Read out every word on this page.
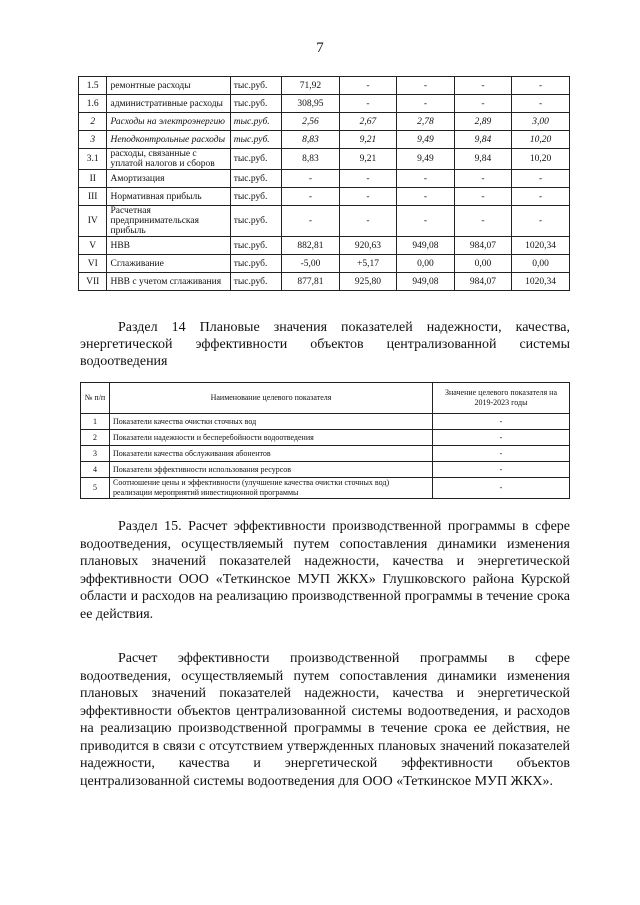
7
1.5	ремонтные расходы	тыс.руб.	71,92	-	-	-	-
1.6	административные расходы	тыс.руб.	308,95	-	-	-	-
2	Расходы на электроэнергию	тыс.руб.	2,56	2,67	2,78	2,89	3,00
3	Неподконтрольные расходы	тыс.руб.	8,83	9,21	9,49	9,84	10,20
3.1	расходы, связанные с уплатой налогов и сборов	тыс.руб.	8,83	9,21	9,49	9,84	10,20
II	Амортизация	тыс.руб.	-	-	-	-	-
III	Нормативная прибыль	тыс.руб.	-	-	-	-	-
IV	Расчетная предпринимательская прибыль	тыс.руб.	-	-	-	-	-
V	НВВ	тыс.руб.	882,81	920,63	949,08	984,07	1020,34
VI	Сглаживание	тыс.руб.	-5,00	+5,17	0,00	0,00	0,00
VII	НВВ с учетом сглаживания	тыс.руб.	877,81	925,80	949,08	984,07	1020,34
Раздел 14 Плановые значения показателей надежности, качества,
энергетической эффективности объектов централизованной системы
водоотведения
№ п/п	Наименование целевого показателя	Значение целевого показателя на 2019-2023 годы
1	Показатели качества очистки сточных вод	-
2	Показатели надежности и бесперебойности водоотведения	-
3	Показатели качества обслуживания абонентов	-
4	Показатели эффективности использования ресурсов	-
5	Соотношение цены и эффективности (улучшение качества очистки сточных вод) реализации мероприятий инвестиционной программы	-
Раздел 15. Расчет эффективности производственной программы в сфере водоотведения, осуществляемый путем сопоставления динамики изменения плановых значений показателей надежности, качества и энергетической эффективности ООО «Теткинское МУП ЖКХ» Глушковского района Курской области и расходов на реализацию производственной программы в течение срока ее действия.
Расчет эффективности производственной программы в сфере водоотведения, осуществляемый путем сопоставления динамики изменения плановых значений показателей надежности, качества и энергетической эффективности объектов централизованной системы водоотведения, и расходов на реализацию производственной программы в течение срока ее действия, не приводится в связи с отсутствием утвержденных плановых значений показателей надежности, качества и энергетической эффективности объектов централизованной системы водоотведения для ООО «Теткинское МУП ЖКХ».
